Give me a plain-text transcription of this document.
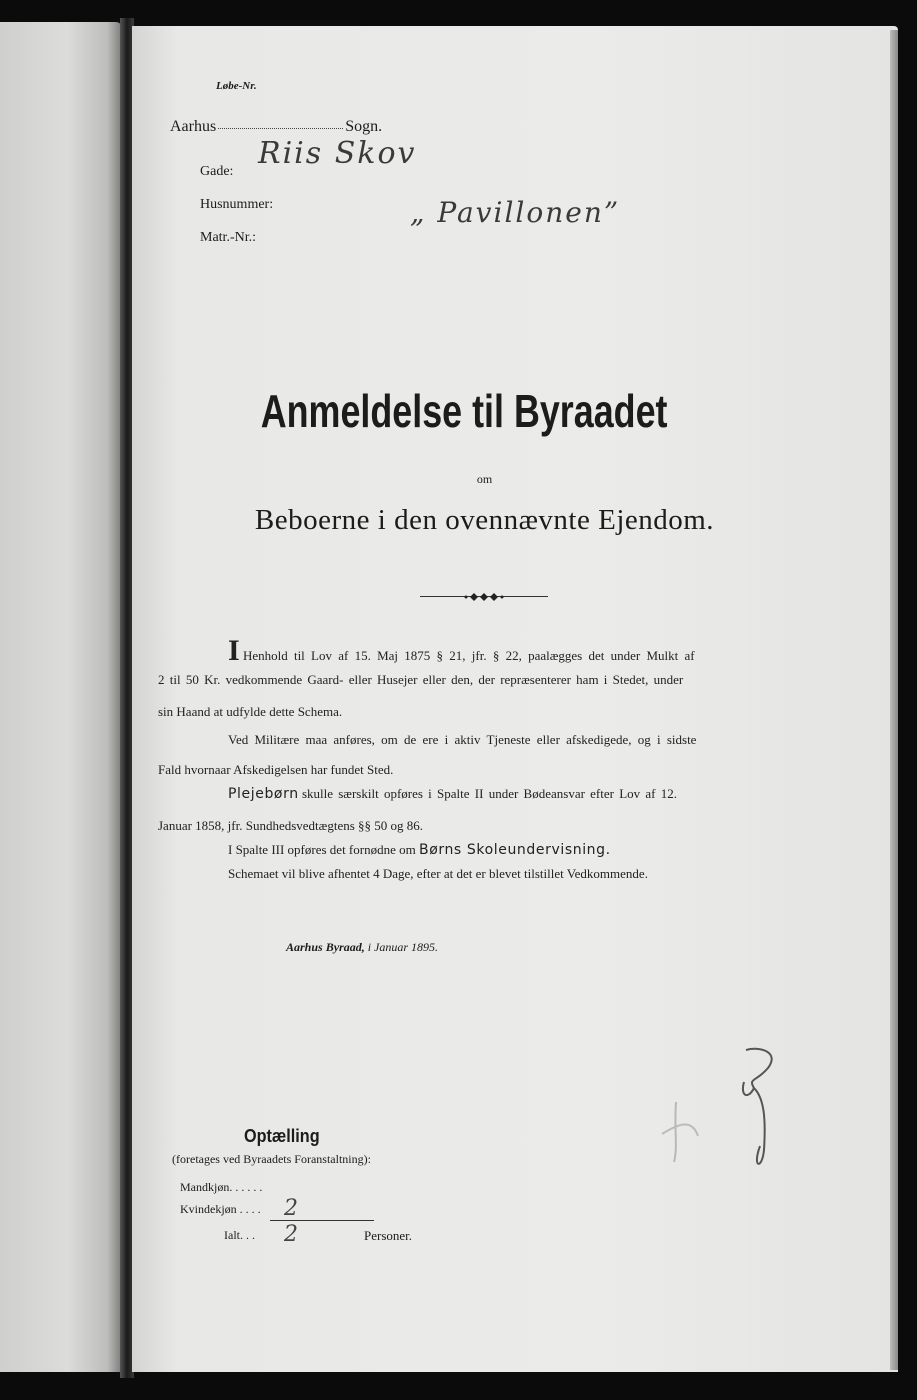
Løbe-Nr.
Aarhus	Sogn.
Gade:
Riis Skov
Husnummer:	„ Pavillonen”
Matr.-Nr.:
Anmeldelse til Byraadet
om
Beboerne i den ovennævnte Ejendom.
I Henhold til Lov af 15. Maj 1875 § 21, jfr. § 22, paalægges det under Mulkt af
2 til 50 Kr. vedkommende Gaard- eller Husejer eller den, der repræsenterer ham i Stedet, under
sin Haand at udfylde dette Schema.
Ved Militære maa anføres, om de ere i aktiv Tjeneste eller afskedigede, og i sidste
Fald hvornaar Afskedigelsen har fundet Sted.
Plejebørn skulle særskilt opføres i Spalte II under Bødeansvar efter Lov af 12.
Januar 1858, jfr. Sundhedsvedtægtens §§ 50 og 86.
I Spalte III opføres det fornødne om Børns Skoleundervisning.
Schemaet vil blive afhentet 4 Dage, efter at det er blevet tilstillet Vedkommende.
Aarhus Byraad, i Januar 1895.
Optælling
(foretages ved Byraadets Foranstaltning):
Mandkjøn. . . . . .
Kvindekjøn . . . . 2
Ialt. . . 2	Personer.
